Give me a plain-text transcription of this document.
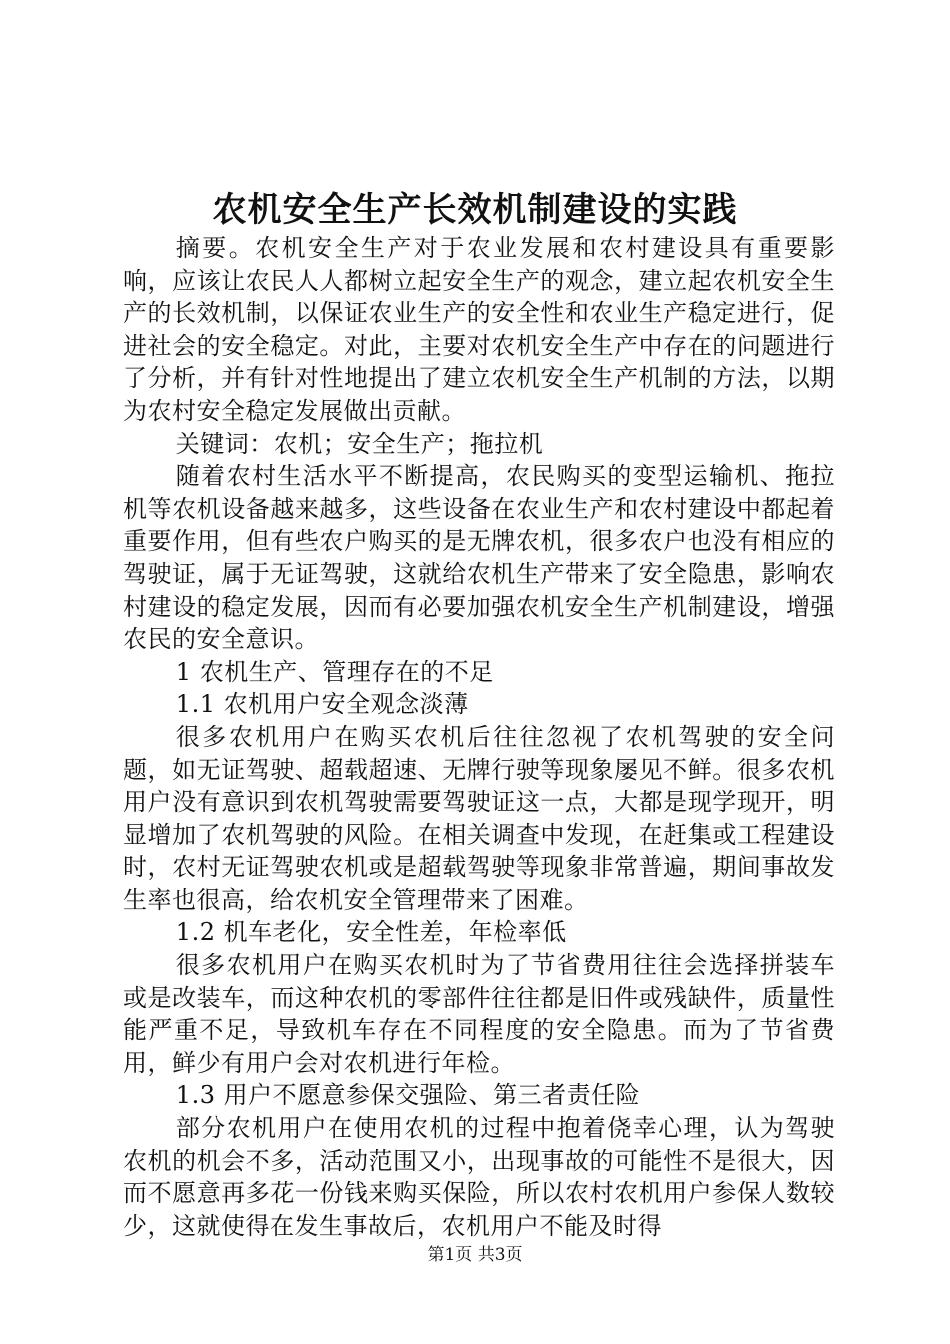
农机安全生产长效机制建设的实践

摘要。农机安全生产对于农业发展和农村建设具有重要影响，应该让农民人人都树立起安全生产的观念，建立起农机安全生产的长效机制，以保证农业生产的安全性和农业生产稳定进行，促进社会的安全稳定。对此，主要对农机安全生产中存在的问题进行了分析，并有针对性地提出了建立农机安全生产机制的方法，以期为农村安全稳定发展做出贡献。

关键词：农机；安全生产；拖拉机

随着农村生活水平不断提高，农民购买的变型运输机、拖拉机等农机设备越来越多，这些设备在农业生产和农村建设中都起着重要作用，但有些农户购买的是无牌农机，很多农户也没有相应的驾驶证，属于无证驾驶，这就给农机生产带来了安全隐患，影响农村建设的稳定发展，因而有必要加强农机安全生产机制建设，增强农民的安全意识。

1 农机生产、管理存在的不足

1.1 农机用户安全观念淡薄

很多农机用户在购买农机后往往忽视了农机驾驶的安全问题，如无证驾驶、超载超速、无牌行驶等现象屡见不鲜。很多农机用户没有意识到农机驾驶需要驾驶证这一点，大都是现学现开，明显增加了农机驾驶的风险。在相关调查中发现，在赶集或工程建设时，农村无证驾驶农机或是超载驾驶等现象非常普遍，期间事故发生率也很高，给农机安全管理带来了困难。

1.2 机车老化，安全性差，年检率低

很多农机用户在购买农机时为了节省费用往往会选择拼装车或是改装车，而这种农机的零部件往往都是旧件或残缺件，质量性能严重不足，导致机车存在不同程度的安全隐患。而为了节省费用，鲜少有用户会对农机进行年检。

1.3 用户不愿意参保交强险、第三者责任险

部分农机用户在使用农机的过程中抱着侥幸心理，认为驾驶农机的机会不多，活动范围又小，出现事故的可能性不是很大，因而不愿意再多花一份钱来购买保险，所以农村农机用户参保人数较少，这就使得在发生事故后，农机用户不能及时得

第1页 共3页
